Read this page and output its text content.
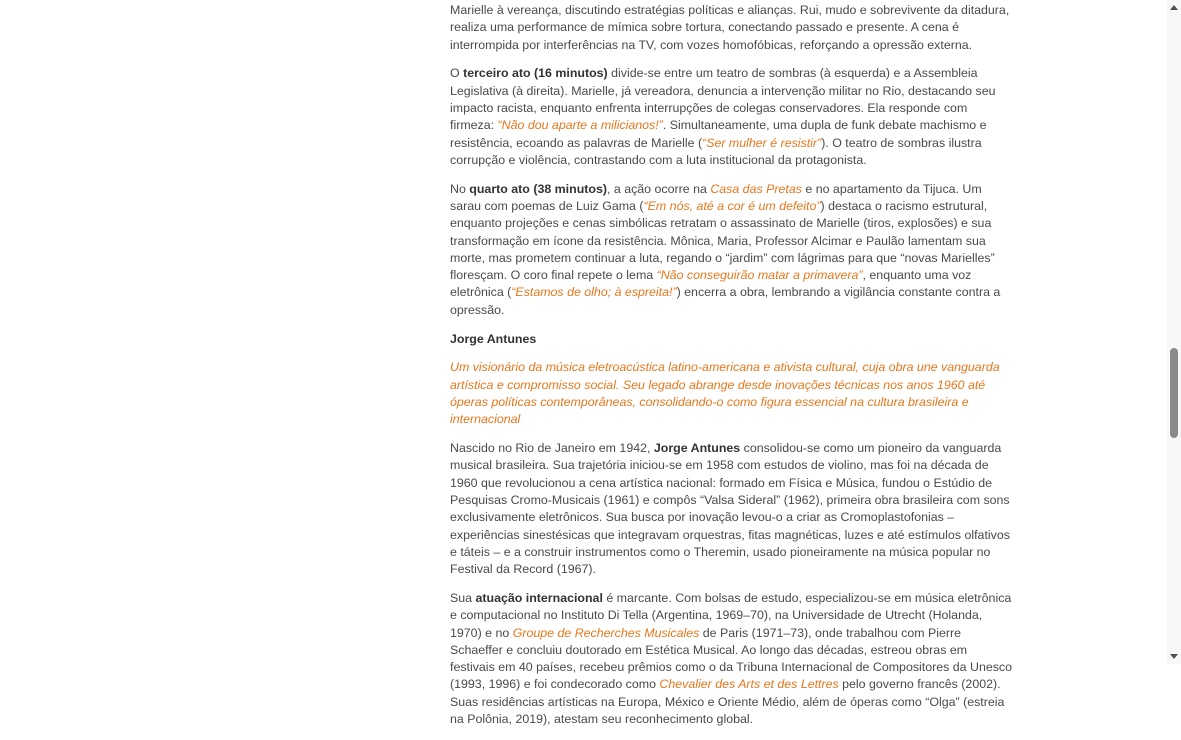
Marielle à vereança, discutindo estratégias políticas e alianças. Rui, mudo e sobrevivente da ditadura, realiza uma performance de mímica sobre tortura, conectando passado e presente. A cena é interrompida por interferências na TV, com vozes homofóbicas, reforçando a opressão externa.

O terceiro ato (16 minutos) divide-se entre um teatro de sombras (à esquerda) e a Assembleia Legislativa (à direita). Marielle, já vereadora, denuncia a intervenção militar no Rio, destacando seu impacto racista, enquanto enfrenta interrupções de colegas conservadores. Ela responde com firmeza: “Não dou aparte a milicianos!”. Simultaneamente, uma dupla de funk debate machismo e resistência, ecoando as palavras de Marielle (“Ser mulher é resistir”). O teatro de sombras ilustra corrupção e violência, contrastando com a luta institucional da protagonista.

No quarto ato (38 minutos), a ação ocorre na Casa das Pretas e no apartamento da Tijuca. Um sarau com poemas de Luiz Gama (“Em nós, até a cor é um defeito”) destaca o racismo estrutural, enquanto projeções e cenas simbólicas retratam o assassinato de Marielle (tiros, explosões) e sua transformação em ícone da resistência. Mônica, Maria, Professor Alcimar e Paulão lamentam sua morte, mas prometem continuar a luta, regando o “jardim” com lágrimas para que “novas Marielles” floresçam. O coro final repete o lema “Não conseguirão matar a primavera”, enquanto uma voz eletrônica (“Estamos de olho; à espreita!”) encerra a obra, lembrando a vigilância constante contra a opressão.

Jorge Antunes

Um visionário da música eletroacústica latino-americana e ativista cultural, cuja obra une vanguarda artística e compromisso social. Seu legado abrange desde inovações técnicas nos anos 1960 até óperas políticas contemporâneas, consolidando-o como figura essencial na cultura brasileira e internacional

Nascido no Rio de Janeiro em 1942, Jorge Antunes consolidou-se como um pioneiro da vanguarda musical brasileira. Sua trajetória iniciou-se em 1958 com estudos de violino, mas foi na década de 1960 que revolucionou a cena artística nacional: formado em Física e Música, fundou o Estúdio de Pesquisas Cromo-Musicais (1961) e compôs “Valsa Sideral” (1962), primeira obra brasileira com sons exclusivamente eletrônicos. Sua busca por inovação levou-o a criar as Cromoplastofonias – experiências sinestésicas que integravam orquestras, fitas magnéticas, luzes e até estímulos olfativos e táteis – e a construir instrumentos como o Theremin, usado pioneiramente na música popular no Festival da Record (1967).

Sua atuação internacional é marcante. Com bolsas de estudo, especializou-se em música eletrônica e computacional no Instituto Di Tella (Argentina, 1969–70), na Universidade de Utrecht (Holanda, 1970) e no Groupe de Recherches Musicales de Paris (1971–73), onde trabalhou com Pierre Schaeffer e concluiu doutorado em Estética Musical. Ao longo das décadas, estreou obras em festivais em 40 países, recebeu prêmios como o da Tribuna Internacional de Compositores da Unesco (1993, 1996) e foi condecorado como Chevalier des Arts et des Lettres pelo governo francês (2002). Suas residências artísticas na Europa, México e Oriente Médio, além de óperas como “Olga” (estreia na Polônia, 2019), atestam seu reconhecimento global.
